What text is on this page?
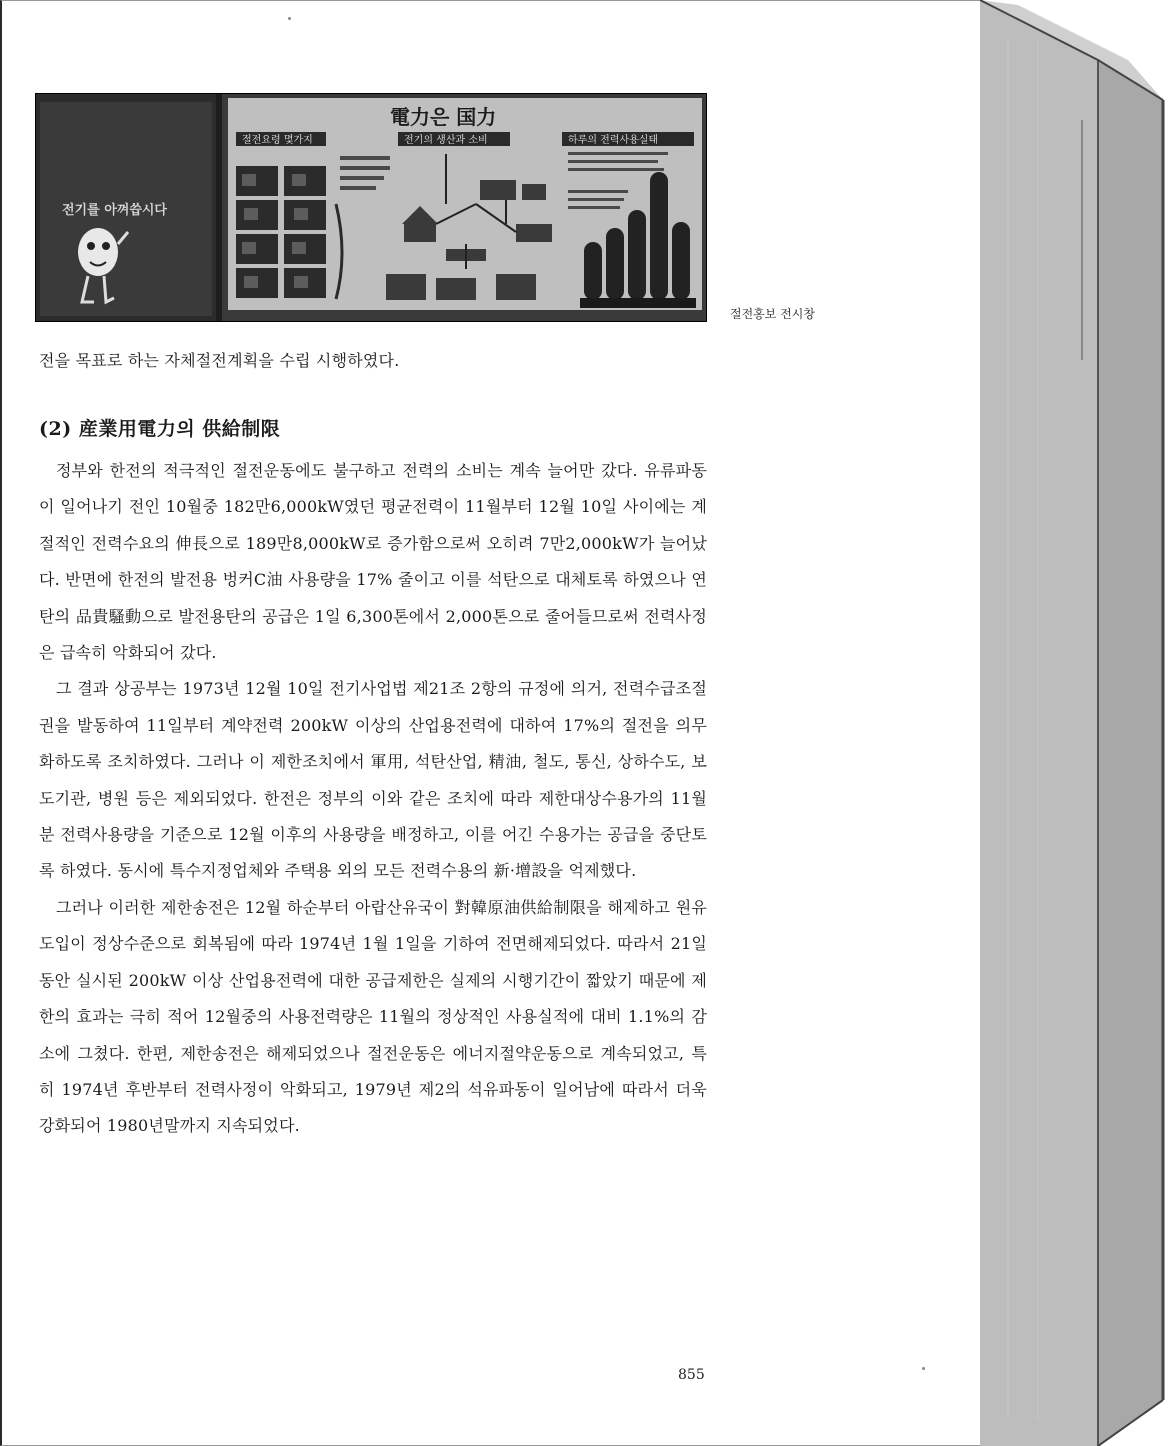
전기를 아껴씁시다
電力은 国力
절전요령 몇가지	전기의 생산과 소비	하루의 전력사용실태
절전홍보 전시창
전을 목표로 하는 자체절전계획을 수립 시행하였다.
(2) 産業用電力의 供給制限

정부와 한전의 적극적인 절전운동에도 불구하고 전력의 소비는 계속 늘어만 갔다. 유류파동이 일어나기 전인 10월중 182만6,000kW였던 평균전력이 11월부터 12월 10일 사이에는 계절적인 전력수요의 伸長으로 189만8,000kW로 증가함으로써 오히려 7만2,000kW가 늘어났다. 반면에 한전의 발전용 벙커C油 사용량을 17% 줄이고 이를 석탄으로 대체토록 하였으나 연탄의 品貴騷動으로 발전용탄의 공급은 1일 6,300톤에서 2,000톤으로 줄어들므로써 전력사정은 급속히 악화되어 갔다.

그 결과 상공부는 1973년 12월 10일 전기사업법 제21조 2항의 규정에 의거, 전력수급조절권을 발동하여 11일부터 계약전력 200kW 이상의 산업용전력에 대하여 17%의 절전을 의무화하도록 조치하였다. 그러나 이 제한조치에서 軍用, 석탄산업, 精油, 철도, 통신, 상하수도, 보도기관, 병원 등은 제외되었다. 한전은 정부의 이와 같은 조치에 따라 제한대상수용가의 11월분 전력사용량을 기준으로 12월 이후의 사용량을 배정하고, 이를 어긴 수용가는 공급을 중단토록 하였다. 동시에 특수지정업체와 주택용 외의 모든 전력수용의 新·增設을 억제했다.

그러나 이러한 제한송전은 12월 하순부터 아랍산유국이 對韓原油供給制限을 해제하고 원유도입이 정상수준으로 회복됨에 따라 1974년 1월 1일을 기하여 전면해제되었다. 따라서 21일 동안 실시된 200kW 이상 산업용전력에 대한 공급제한은 실제의 시행기간이 짧았기 때문에 제한의 효과는 극히 적어 12월중의 사용전력량은 11월의 정상적인 사용실적에 대비 1.1%의 감소에 그쳤다. 한편, 제한송전은 해제되었으나 절전운동은 에너지절약운동으로 계속되었고, 특히 1974년 후반부터 전력사정이 악화되고, 1979년 제2의 석유파동이 일어남에 따라서 더욱 강화되어 1980년말까지 지속되었다.

855
